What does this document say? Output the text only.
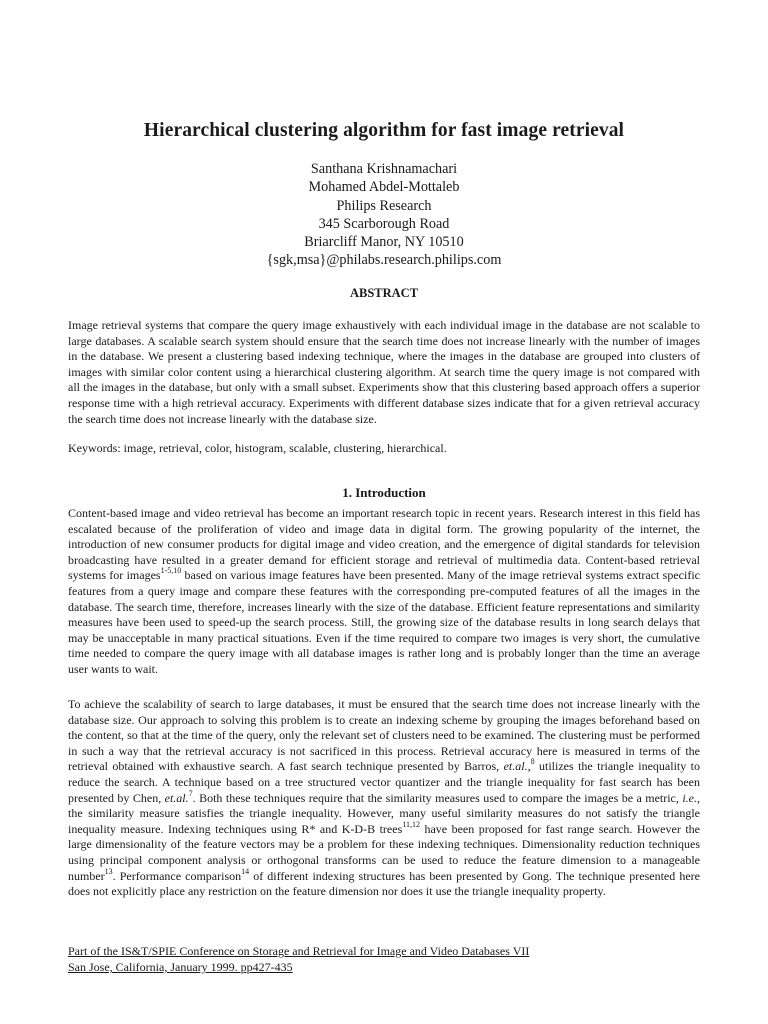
Hierarchical clustering algorithm for fast image retrieval
Santhana Krishnamachari
Mohamed Abdel-Mottaleb
Philips Research
345 Scarborough Road
Briarcliff Manor, NY 10510
{sgk,msa}@philabs.research.philips.com
ABSTRACT

Image retrieval systems that compare the query image exhaustively with each individual image in the database are not scalable to large databases. A scalable search system should ensure that the search time does not increase linearly with the number of images in the database. We present a clustering based indexing technique, where the images in the database are grouped into clusters of images with similar color content using a hierarchical clustering algorithm. At search time the query image is not compared with all the images in the database, but only with a small subset. Experiments show that this clustering based approach offers a superior response time with a high retrieval accuracy. Experiments with different database sizes indicate that for a given retrieval accuracy the search time does not increase linearly with the database size.

Keywords: image, retrieval, color, histogram, scalable, clustering, hierarchical.

1. Introduction

Content-based image and video retrieval has become an important research topic in recent years. Research interest in this field has escalated because of the proliferation of video and image data in digital form. The growing popularity of the internet, the introduction of new consumer products for digital image and video creation, and the emergence of digital standards for television broadcasting have resulted in a greater demand for efficient storage and retrieval of multimedia data. Content-based retrieval systems for images$^{1-5,10}$ based on various image features have been presented. Many of the image retrieval systems extract specific features from a query image and compare these features with the corresponding pre-computed features of all the images in the database. The search time, therefore, increases linearly with the size of the database. Efficient feature representations and similarity measures have been used to speed-up the search process. Still, the growing size of the database results in long search delays that may be unacceptable in many practical situations. Even if the time required to compare two images is very short, the cumulative time needed to compare the query image with all database images is rather long and is probably longer than the time an average user wants to wait.

To achieve the scalability of search to large databases, it must be ensured that the search time does not increase linearly with the database size. Our approach to solving this problem is to create an indexing scheme by grouping the images beforehand based on the content, so that at the time of the query, only the relevant set of clusters need to be examined. The clustering must be performed in such a way that the retrieval accuracy is not sacrificed in this process. Retrieval accuracy here is measured in terms of the retrieval obtained with exhaustive search. A fast search technique presented by Barros, et.al.,$^8$ utilizes the triangle inequality to reduce the search. A technique based on a tree structured vector quantizer and the triangle inequality for fast search has been presented by Chen, et.al.$^7$. Both these techniques require that the similarity measures used to compare the images be a metric, i.e., the similarity measure satisfies the triangle inequality. However, many useful similarity measures do not satisfy the triangle inequality measure. Indexing techniques using R* and K-D-B trees$^{11,12}$ have been proposed for fast range search. However the large dimensionality of the feature vectors may be a problem for these indexing techniques. Dimensionality reduction techniques using principal component analysis or orthogonal transforms can be used to reduce the feature dimension to a manageable number$^{13}$. Performance comparison$^{14}$ of different indexing structures has been presented by Gong. The technique presented here does not explicitly place any restriction on the feature dimension nor does it use the triangle inequality property.

Part of the IS&T/SPIE Conference on Storage and Retrieval for Image and Video Databases VII
San Jose, California, January 1999. pp427-435
